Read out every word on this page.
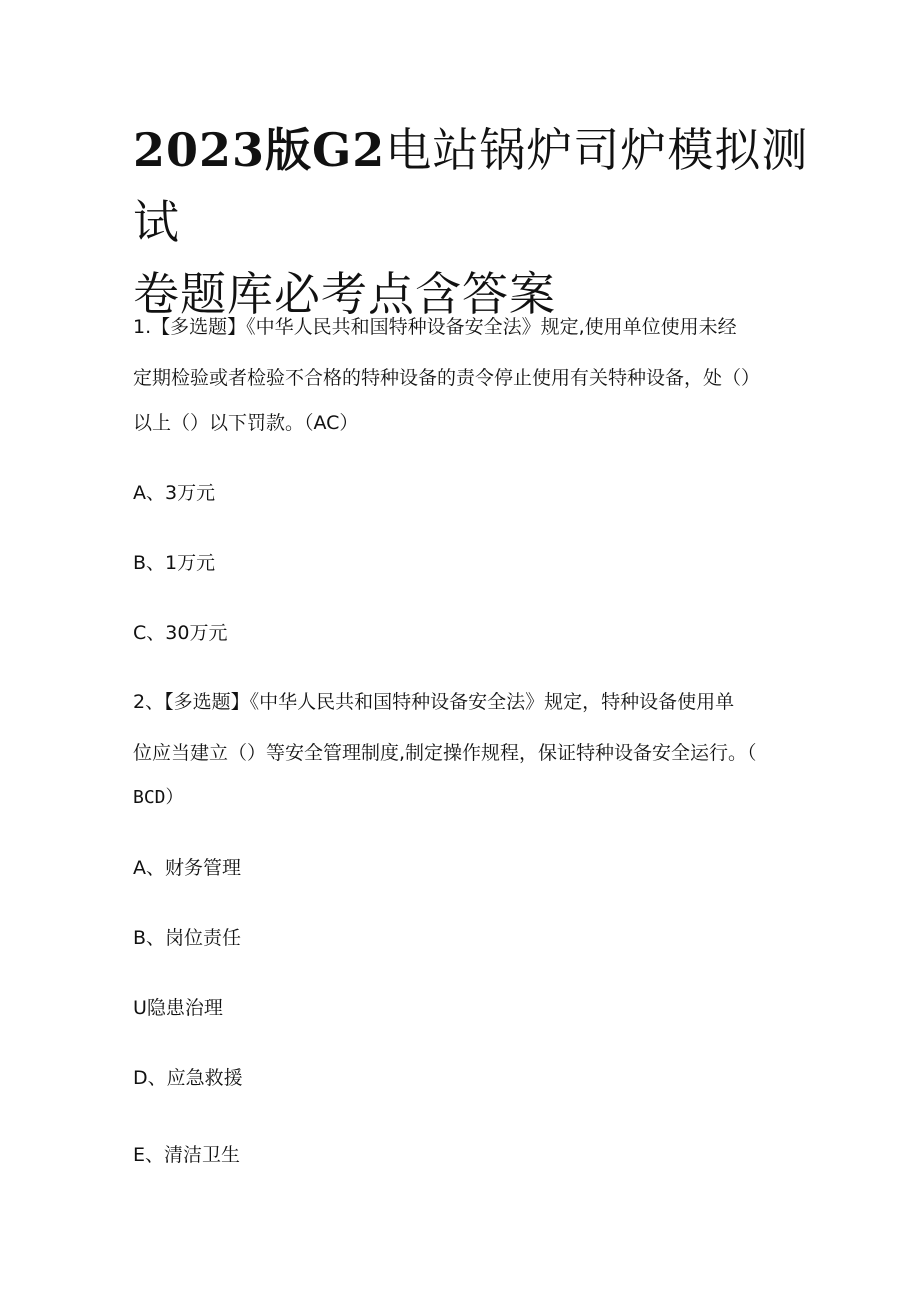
2023版G2电站锅炉司炉模拟测试
卷题库必考点含答案

1.【多选题】《中华人民共和国特种设备安全法》规定,使用单位使用未经

定期检验或者检验不合格的特种设备的责令停止使用有关特种设备，处（）

以上（）以下罚款。（AC）

A、3万元

B、1万元

C、30万元

2、【多选题】《中华人民共和国特种设备安全法》规定，特种设备使用单

位应当建立（）等安全管理制度,制定操作规程，保证特种设备安全运行。（

BCD）

A、财务管理

B、岗位责任

U隐患治理

D、应急救援

E、清洁卫生
